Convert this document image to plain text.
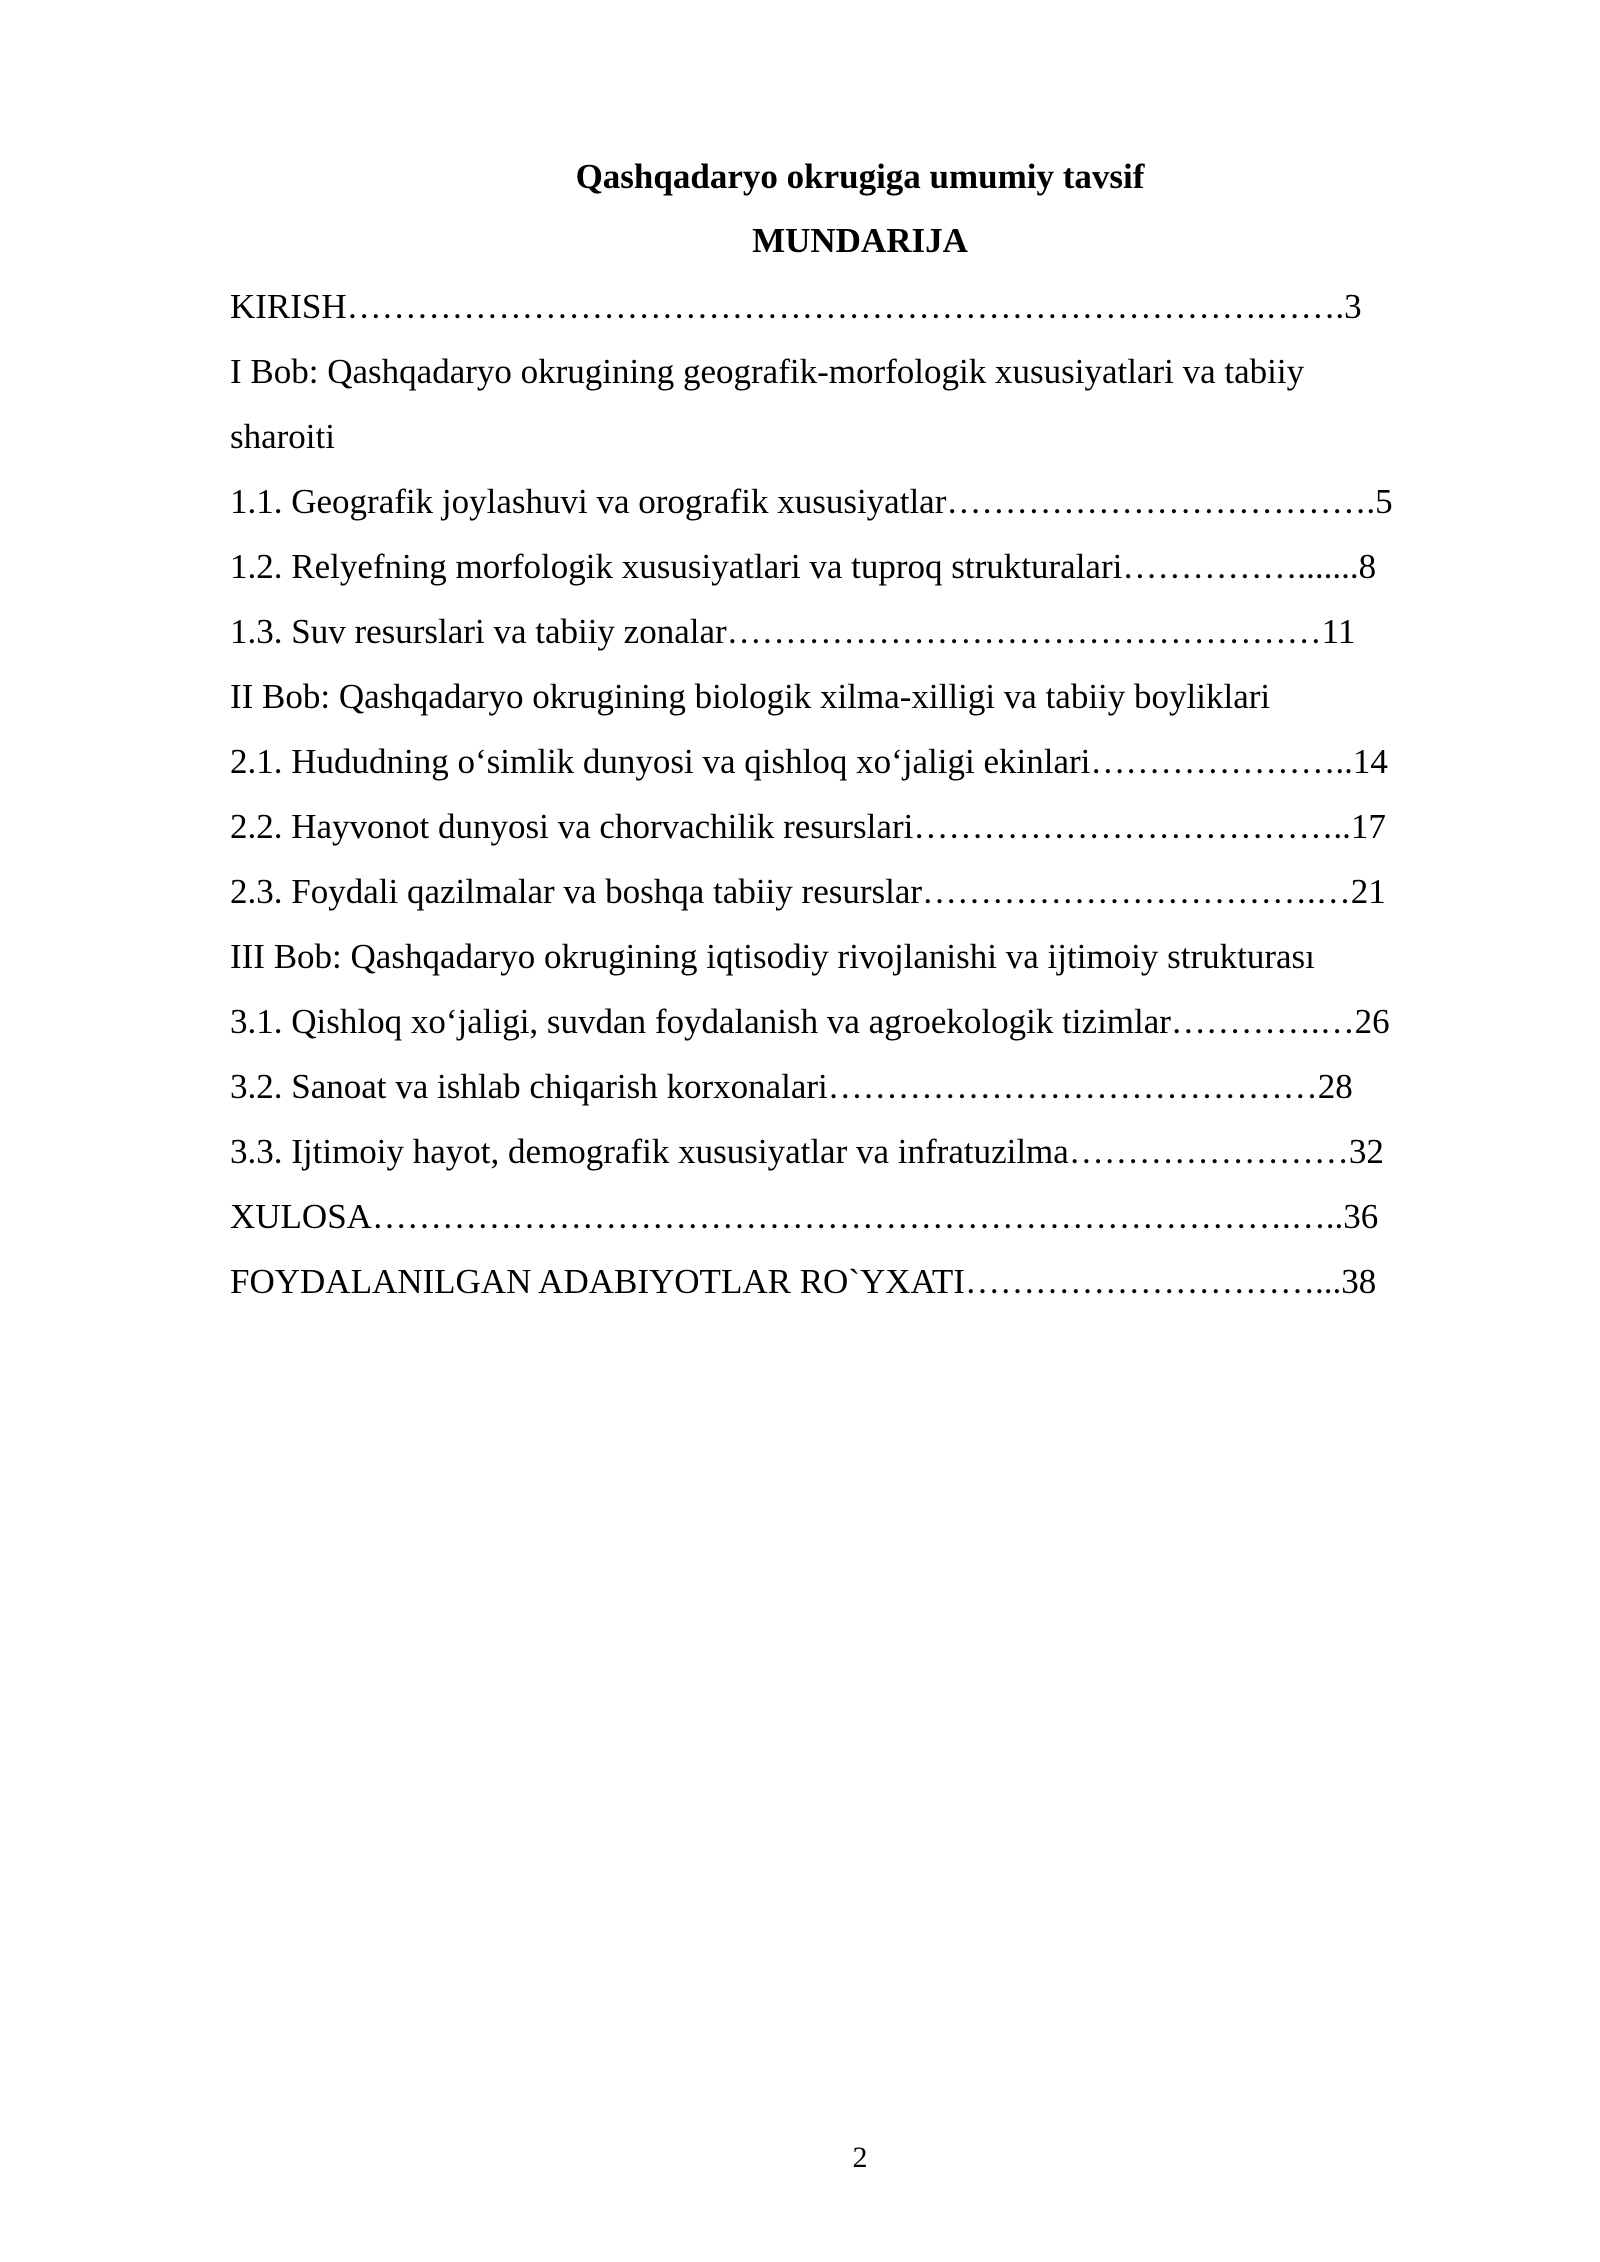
Qashqadaryo okrugiga umumiy tavsif
MUNDARIJA
KIRISH…………………………………………………………………….…….3
I Bob: Qashqadaryo okrugining geografik-morfologik xususiyatlari va tabiiy
sharoiti
1.1. Geografik joylashuvi va orografik xususiyatlar……………………………….5
1.2. Relyefning morfologik xususiyatlari va tuproq strukturalari…………….......8
1.3. Suv resurslari va tabiiy zonalar……………………………………………11
II Bob: Qashqadaryo okrugining biologik xilma-xilligi va tabiiy boyliklari
2.1. Hududning o‘simlik dunyosi va qishloq xo‘jaligi ekinlari…………………..14
2.2. Hayvonot dunyosi va chorvachilik resurslari………………………………..17
2.3. Foydali qazilmalar va boshqa tabiiy resurslar…………………………….…21
III Bob: Qashqadaryo okrugining iqtisodiy rivojlanishi va ijtimoiy strukturası
3.1. Qishloq xo‘jaligi, suvdan foydalanish va agroekologik tizimlar………….…26
3.2. Sanoat va ishlab chiqarish korxonalari……………………………………28
3.3. Ijtimoiy hayot, demografik xususiyatlar va infratuzilma……………………32
XULOSA…………………………………………………………………….…..36
FOYDALANILGAN ADABIYOTLAR RO`YXATI…………………………...38
2
